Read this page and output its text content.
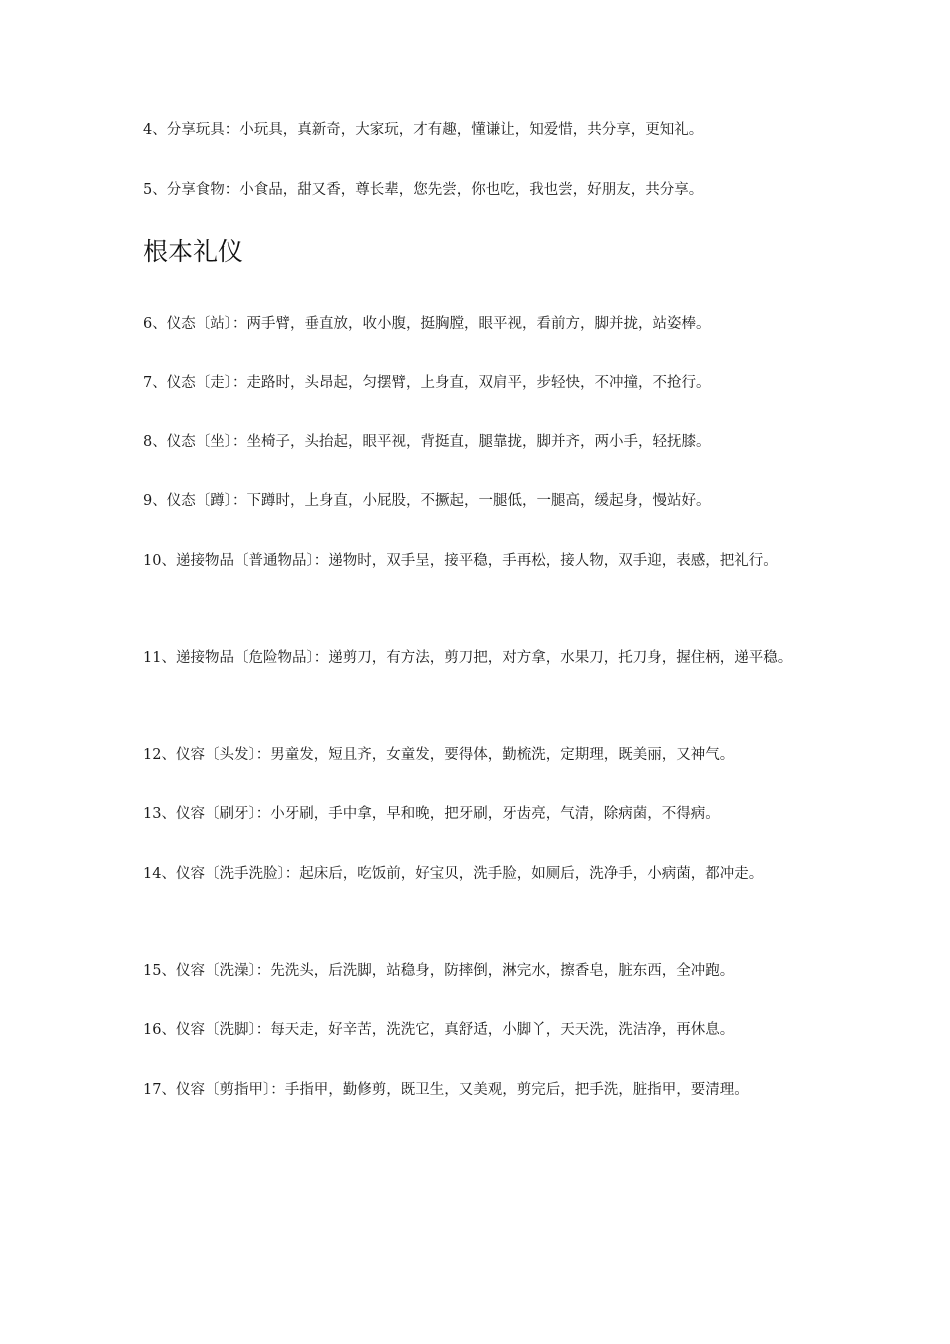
4、分享玩具：小玩具，真新奇，大家玩，才有趣，懂谦让，知爱惜，共分享，更知礼。

5、分享食物：小食品，甜又香，尊长辈，您先尝，你也吃，我也尝，好朋友，共分享。

根本礼仪

6、仪态〔站〕：两手臂，垂直放，收小腹，挺胸膛，眼平视，看前方，脚并拢，站姿棒。

7、仪态〔走〕：走路时，头昂起，匀摆臂，上身直，双肩平，步轻快，不冲撞，不抢行。

8、仪态〔坐〕：坐椅子，头抬起，眼平视，背挺直，腿靠拢，脚并齐，两小手，轻抚膝。

9、仪态〔蹲〕：下蹲时，上身直，小屁股，不撅起，一腿低，一腿高，缓起身，慢站好。

10、递接物品〔普通物品〕：递物时，双手呈，接平稳，手再松，接人物，双手迎，表感，把礼行。

11、递接物品〔危险物品〕：递剪刀，有方法，剪刀把，对方拿，水果刀，托刀身，握住柄，递平稳。

12、仪容〔头发〕：男童发，短且齐，女童发，要得体，勤梳洗，定期理，既美丽，又神气。

13、仪容〔刷牙〕：小牙刷，手中拿，早和晚，把牙刷，牙齿亮，气清，除病菌，不得病。

14、仪容〔洗手洗脸〕：起床后，吃饭前，好宝贝，洗手脸，如厕后，洗净手，小病菌，都冲走。

15、仪容〔洗澡〕：先洗头，后洗脚，站稳身，防摔倒，淋完水，擦香皂，脏东西，全冲跑。

16、仪容〔洗脚〕：每天走，好辛苦，洗洗它，真舒适，小脚丫，天天洗，洗洁净，再休息。

17、仪容〔剪指甲〕：手指甲，勤修剪，既卫生，又美观，剪完后，把手洗，脏指甲，要清理。
